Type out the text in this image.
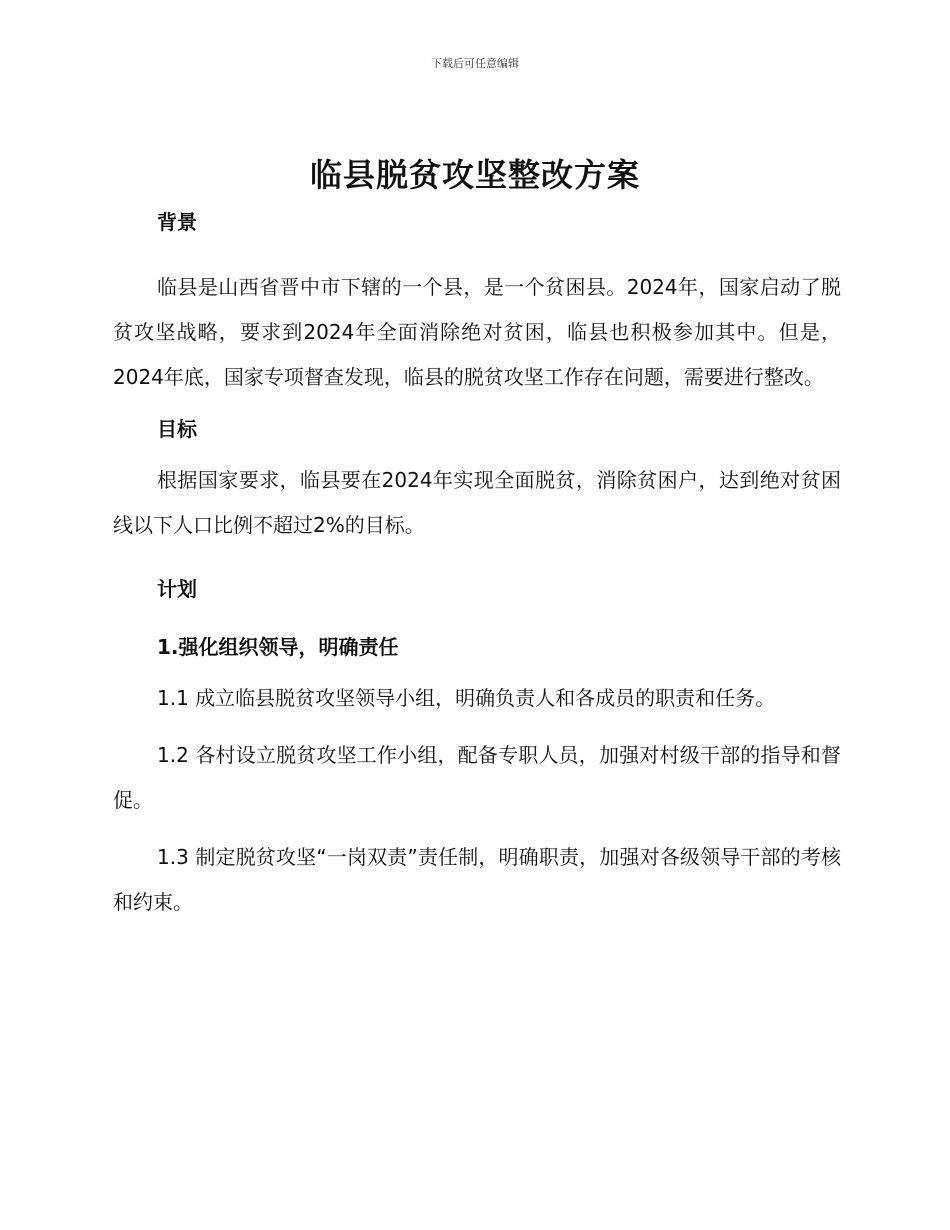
下载后可任意编辑
临县脱贫攻坚整改方案

背景

临县是山西省晋中市下辖的一个县，是一个贫困县。2024年，国家启动了脱贫攻坚战略，要求到2024年全面消除绝对贫困，临县也积极参加其中。但是，2024年底，国家专项督查发现，临县的脱贫攻坚工作存在问题，需要进行整改。

目标

根据国家要求，临县要在2024年实现全面脱贫，消除贫困户，达到绝对贫困线以下人口比例不超过2%的目标。

计划

1.强化组织领导，明确责任

1.1 成立临县脱贫攻坚领导小组，明确负责人和各成员的职责和任务。

1.2 各村设立脱贫攻坚工作小组，配备专职人员，加强对村级干部的指导和督促。

1.3 制定脱贫攻坚“一岗双责”责任制，明确职责，加强对各级领导干部的考核和约束。
